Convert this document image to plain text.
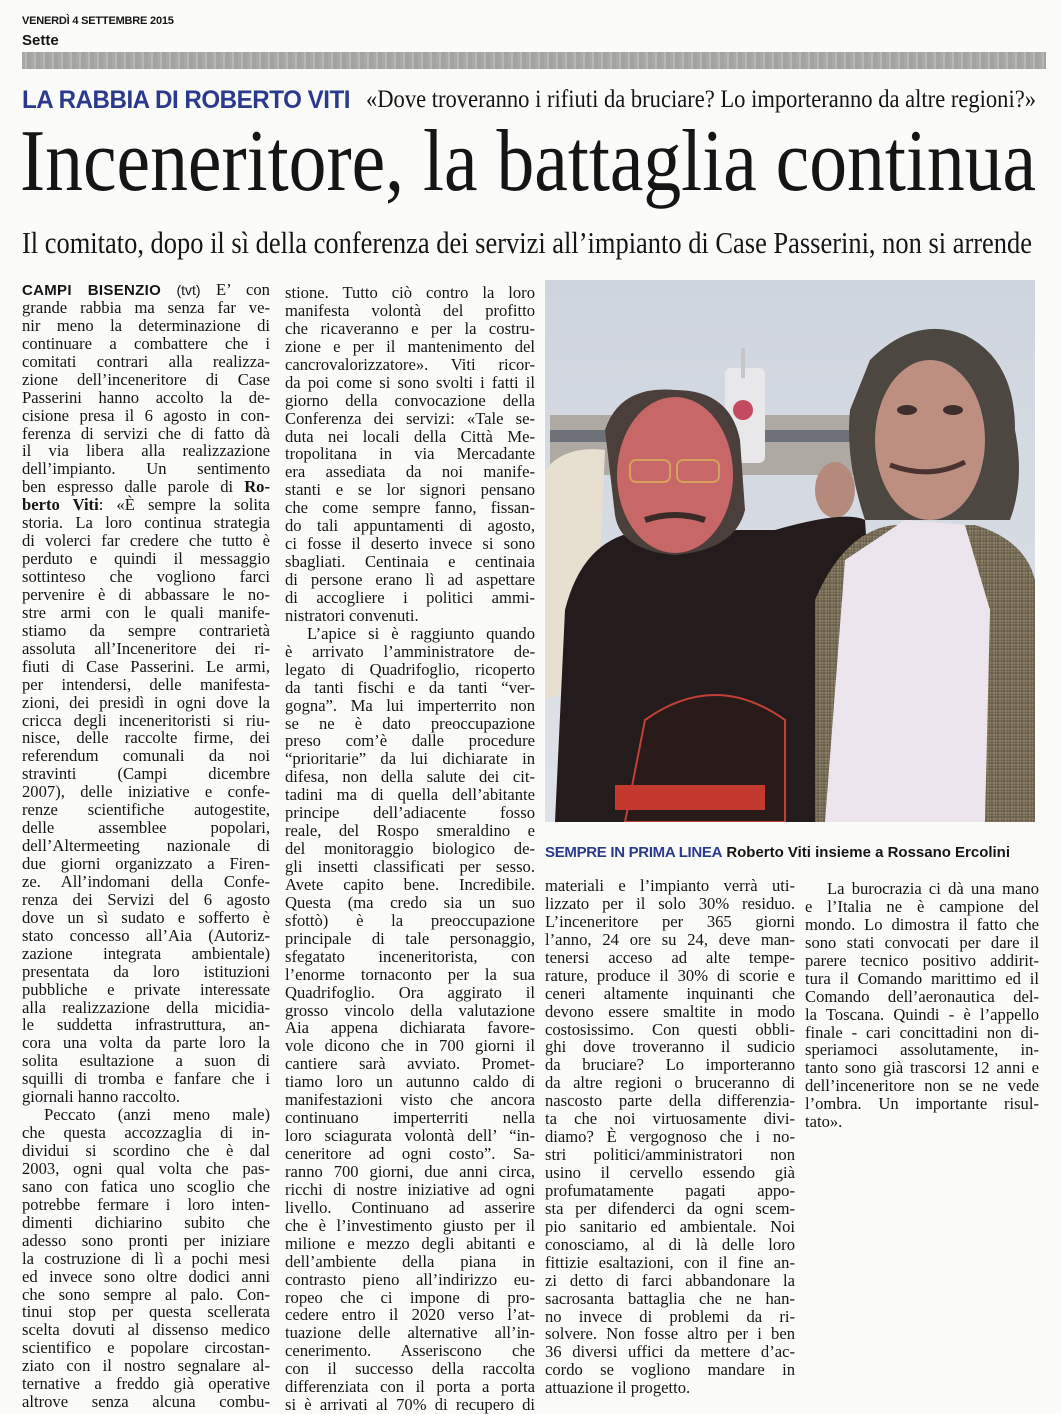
VENERDÌ 4 SETTEMBRE 2015
Sette
LA RABBIA DI ROBERTO VITI «Dove troveranno i rifiuti da bruciare? Lo importeranno da altre regioni?»
Inceneritore, la battaglia continua
Il comitato, dopo il sì della conferenza dei servizi all’impianto di Case Passerini, non si arrende
CAMPI BISENZIO (tvt) E’ con
grande rabbia ma senza far ve-
nir meno la determinazione di
continuare a combattere che i
comitati contrari alla realizza-
zione dell’inceneritore di Case
Passerini hanno accolto la de-
cisione presa il 6 agosto in con-
ferenza di servizi che di fatto dà
il via libera alla realizzazione
dell’impianto. Un sentimento
ben espresso dalle parole di Ro-
berto Viti: «È sempre la solita
storia. La loro continua strategia
di volerci far credere che tutto è
perduto e quindi il messaggio
sottinteso che vogliono farci
pervenire è di abbassare le no-
stre armi con le quali manife-
stiamo da sempre contrarietà
assoluta all’Inceneritore dei ri-
fiuti di Case Passerini. Le armi,
per intendersi, delle manifesta-
zioni, dei presidì in ogni dove la
cricca degli inceneritoristi si riu-
nisce, delle raccolte firme, dei
referendum comunali da noi
stravinti (Campi dicembre
2007), delle iniziative e confe-
renze scientifiche autogestite,
delle assemblee popolari,
dell’Altermeeting nazionale di
due giorni organizzato a Firen-
ze. All’indomani della Confe-
renza dei Servizi del 6 agosto
dove un sì sudato e sofferto è
stato concesso all’Aia (Autoriz-
zazione integrata ambientale)
presentata da loro istituzioni
pubbliche e private interessate
alla realizzazione della micidia-
le suddetta infrastruttura, an-
cora una volta da parte loro la
solita esultazione a suon di
squilli di tromba e fanfare che i
giornali hanno raccolto.
Peccato (anzi meno male)
che questa accozzaglia di in-
dividui si scordino che è dal
2003, ogni qual volta che pas-
sano con fatica uno scoglio che
potrebbe fermare i loro inten-
dimenti dichiarino subito che
adesso sono pronti per iniziare
la costruzione di lì a pochi mesi
ed invece sono oltre dodici anni
che sono sempre al palo. Con-
tinui stop per questa scellerata
scelta dovuti al dissenso medico
scientifico e popolare circostan-
ziato con il nostro segnalare al-
ternative a freddo già operative
altrove senza alcuna combu-
stione. Tutto ciò contro la loro
manifesta volontà del profitto
che ricaveranno e per la costru-
zione e per il mantenimento del
cancrovalorizzatore». Viti ricor-
da poi come si sono svolti i fatti il
giorno della convocazione della
Conferenza dei servizi: «Tale se-
duta nei locali della Città Me-
tropolitana in via Mercadante
era assediata da noi manife-
stanti e se lor signori pensano
che come sempre fanno, fissan-
do tali appuntamenti di agosto,
ci fosse il deserto invece si sono
sbagliati. Centinaia e centinaia
di persone erano lì ad aspettare
di accogliere i politici ammi-
nistratori convenuti.
L’apice si è raggiunto quando
è arrivato l’amministratore de-
legato di Quadrifoglio, ricoperto
da tanti fischi e da tanti “ver-
gogna”. Ma lui imperterrito non
se ne è dato preoccupazione
preso com’è dalle procedure
“prioritarie” da lui dichiarate in
difesa, non della salute dei cit-
tadini ma di quella dell’abitante
principe dell’adiacente fosso
reale, del Rospo smeraldino e
del monitoraggio biologico de-
gli insetti classificati per sesso.
Avete capito bene. Incredibile.
Questa (ma credo sia un suo
sfottò) è la preoccupazione
principale di tale personaggio,
sfegatato inceneritorista, con
l’enorme tornaconto per la sua
Quadrifoglio. Ora aggirato il
grosso vincolo della valutazione
Aia appena dichiarata favore-
vole dicono che in 700 giorni il
cantiere sarà avviato. Promet-
tiamo loro un autunno caldo di
manifestazioni visto che ancora
continuano imperterriti nella
loro sciagurata volontà dell’ “in-
ceneritore ad ogni costo”. Sa-
ranno 700 giorni, due anni circa,
ricchi di nostre iniziative ad ogni
livello. Continuano ad asserire
che è l’investimento giusto per il
milione e mezzo degli abitanti e
dell’ambiente della piana in
contrasto pieno all’indirizzo eu-
ropeo che ci impone di pro-
cedere entro il 2020 verso l’at-
tuazione delle alternative all’in-
cenerimento. Asseriscono che
con il successo della raccolta
differenziata con il porta a porta
si è arrivati al 70% di recupero di
materiali e l’impianto verrà uti-
lizzato per il solo 30% residuo.
L’inceneritore per 365 giorni
l’anno, 24 ore su 24, deve man-
tenersi acceso ad alte tempe-
rature, produce il 30% di scorie e
ceneri altamente inquinanti che
devono essere smaltite in modo
costosissimo. Con questi obbli-
ghi dove troveranno il sudicio
da bruciare? Lo importeranno
da altre regioni o bruceranno di
nascosto parte della differenzia-
ta che noi virtuosamente divi-
diamo? È vergognoso che i no-
stri politici/amministratori non
usino il cervello essendo già
profumatamente pagati appo-
sta per difenderci da ogni scem-
pio sanitario ed ambientale. Noi
conosciamo, al di là delle loro
fittizie esaltazioni, con il fine an-
zi detto di farci abbandonare la
sacrosanta battaglia che ne han-
no invece di problemi da ri-
solvere. Non fosse altro per i ben
36 diversi uffici da mettere d’ac-
cordo se vogliono mandare in
attuazione il progetto.
La burocrazia ci dà una mano
e l’Italia ne è campione del
mondo. Lo dimostra il fatto che
sono stati convocati per dare il
parere tecnico positivo addirit-
tura il Comando marittimo ed il
Comando dell’aeronautica del-
la Toscana. Quindi - è l’appello
finale - cari concittadini non di-
speriamoci assolutamente, in-
tanto sono già trascorsi 12 anni e
dell’inceneritore non se ne vede
l’ombra. Un importante risul-
tato».
SEMPRE IN PRIMA LINEA Roberto Viti insieme a Rossano Ercolini
